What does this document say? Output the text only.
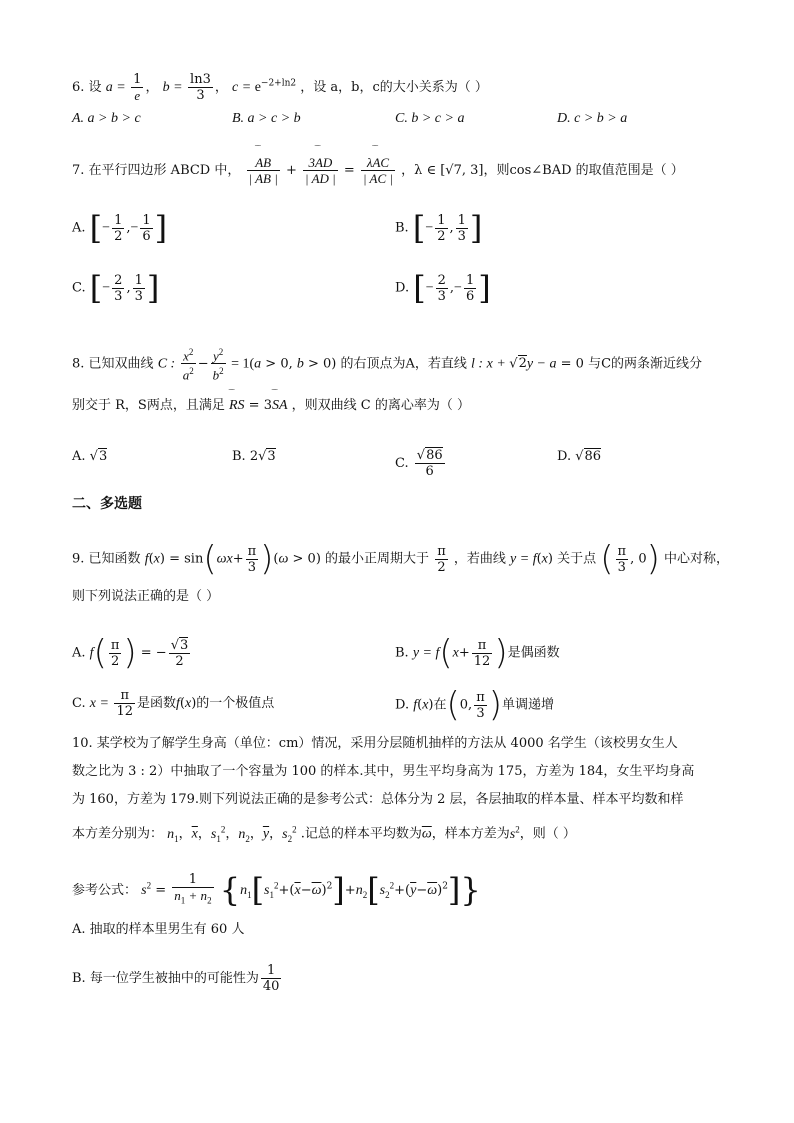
6. 设 $a = \frac{1}{e}$ ， $b = \frac{\ln 3}{3}$ ， $c = e^{-2+ln2}$ ，设 a，b，c的大小关系为（ ）
A. a > b > c	B. a > c > b	C. b > c > a	D. c > b > a
7. 在平行四边形 ABCD 中， ‾‾ $\frac{AB}{| AB |} + \frac{3‾‾ AD}{| AD |} = \frac{\lambda‾‾ AC}{| AC |}$ ，λ ∈ [√7, 3]，则cos∠BAD 的取值范围是（ ）
A. [− $\frac{1}{2}$ ,− $\frac{1}{6}$ ]	B. [− $\frac{1}{2}$ , $\frac{1}{3}$ ]
C. [− $\frac{2}{3}$ , $\frac{1}{3}$ ]	D. [− $\frac{2}{3}$ ,− $\frac{1}{6}$ ]
8. 已知双曲线 C : $\frac{x^2}{a^2} - \frac{y^2}{b^2} = 1(a > 0$, b > 0) 的右顶点为A，若直线 l : x + √2y − a = 0 与C的两条渐近线分
别交于 R，S两点，且满足 ‾‾ RS = 3‾‾ SA ，则双曲线 C 的离心率为（ ）
A. √3	B. 2√3	C. $\frac{√86}{6}$	D. √86
二、多选题
9. 已知函数 $f(x) = \sin(\omega x+ \frac{\pi}{3} )(\omega > 0)$ 的最小正周期大于 $\frac{\pi}{2}$ ，若曲线 y = f(x) 关于点 ( $\frac{\pi}{3}$ , 0) 中心对称，
则下列说法正确的是（ ）
A. $f( \frac{\pi}{2}$ ) = − $\frac{√3}{2}$	B. $y = f(x+ \frac{\pi}{12}$ )是偶函数
C. $x = \frac{\pi}{12}$ 是函数f(x)的一个极值点	D. f(x)在(0, $\frac{\pi}{3}$ )单调递增
10. 某学校为了解学生身高（单位：cm）情况，采用分层随机抽样的方法从 4000 名学生（该校男女生人
数之比为 3 : 2）中抽取了一个容量为 100 的样本.其中，男生平均身高为 175，方差为 184，女生平均身高
为 160，方差为 179.则下列说法正确的是参考公式：总体分为 2 层，各层抽取的样本量、样本平均数和样
本方差分别为： $n_1$，$\overline{x}$，$s_1^2$，$n_2$，$\overline{y}$，$s_2^2$ .记总的样本平均数为$\overline{\omega}$，样本方差为$s^2$，则（ ）
参考公式： $s^2 = \frac{1}{n_1 + n_2} \{n_1[s_1^2+(\overline{x}-\overline{\omega})^2]+n_2[s_2^2+(\overline{y}-\overline{\omega})^2]\}$
A. 抽取的样本里男生有 60 人
B. 每一位学生被抽中的可能性为 $\frac{1}{40}$
